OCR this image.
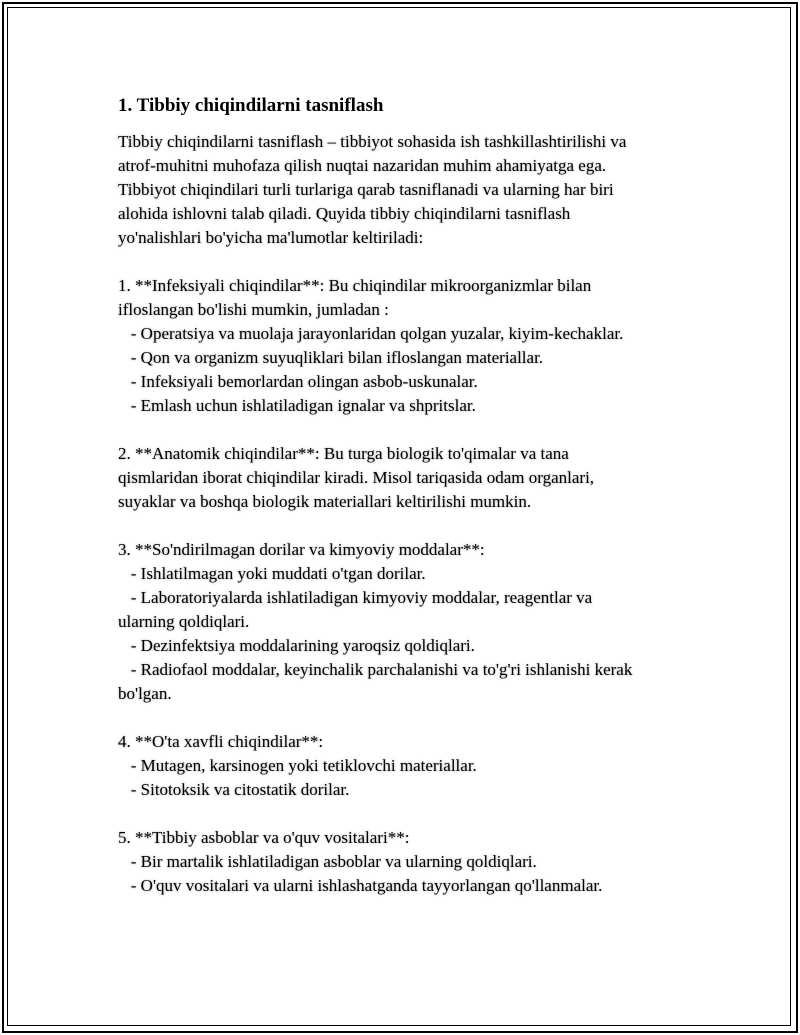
1. Tibbiy chiqindilarni tasniflash

Tibbiy chiqindilarni tasniflash – tibbiyot sohasida ish tashkillashtirilishi va
atrof-muhitni muhofaza qilish nuqtai nazaridan muhim ahamiyatga ega.
Tibbiyot chiqindilari turli turlariga qarab tasniflanadi va ularning har biri
alohida ishlovni talab qiladi. Quyida tibbiy chiqindilarni tasniflash
yo'nalishlari bo'yicha ma'lumotlar keltiriladi:

1. **Infeksiyali chiqindilar**: Bu chiqindilar mikroorganizmlar bilan
ifloslangan bo'lishi mumkin, jumladan :
- Operatsiya va muolaja jarayonlaridan qolgan yuzalar, kiyim-kechaklar.
- Qon va organizm suyuqliklari bilan ifloslangan materiallar.
- Infeksiyali bemorlardan olingan asbob-uskunalar.
- Emlash uchun ishlatiladigan ignalar va shpritslar.

2. **Anatomik chiqindilar**: Bu turga biologik to'qimalar va tana
qismlaridan iborat chiqindilar kiradi. Misol tariqasida odam organlari,
suyaklar va boshqa biologik materiallari keltirilishi mumkin.

3. **So'ndirilmagan dorilar va kimyoviy moddalar**:
- Ishlatilmagan yoki muddati o'tgan dorilar.
- Laboratoriyalarda ishlatiladigan kimyoviy moddalar, reagentlar va
ularning qoldiqlari.
- Dezinfektsiya moddalarining yaroqsiz qoldiqlari.
- Radiofaol moddalar, keyinchalik parchalanishi va to'g'ri ishlanishi kerak
bo'lgan.

4. **O'ta xavfli chiqindilar**:
- Mutagen, karsinogen yoki tetiklovchi materiallar.
- Sitotoksik va citostatik dorilar.

5. **Tibbiy asboblar va o'quv vositalari**:
- Bir martalik ishlatiladigan asboblar va ularning qoldiqlari.
- O'quv vositalari va ularni ishlashatganda tayyorlangan qo'llanmalar.
